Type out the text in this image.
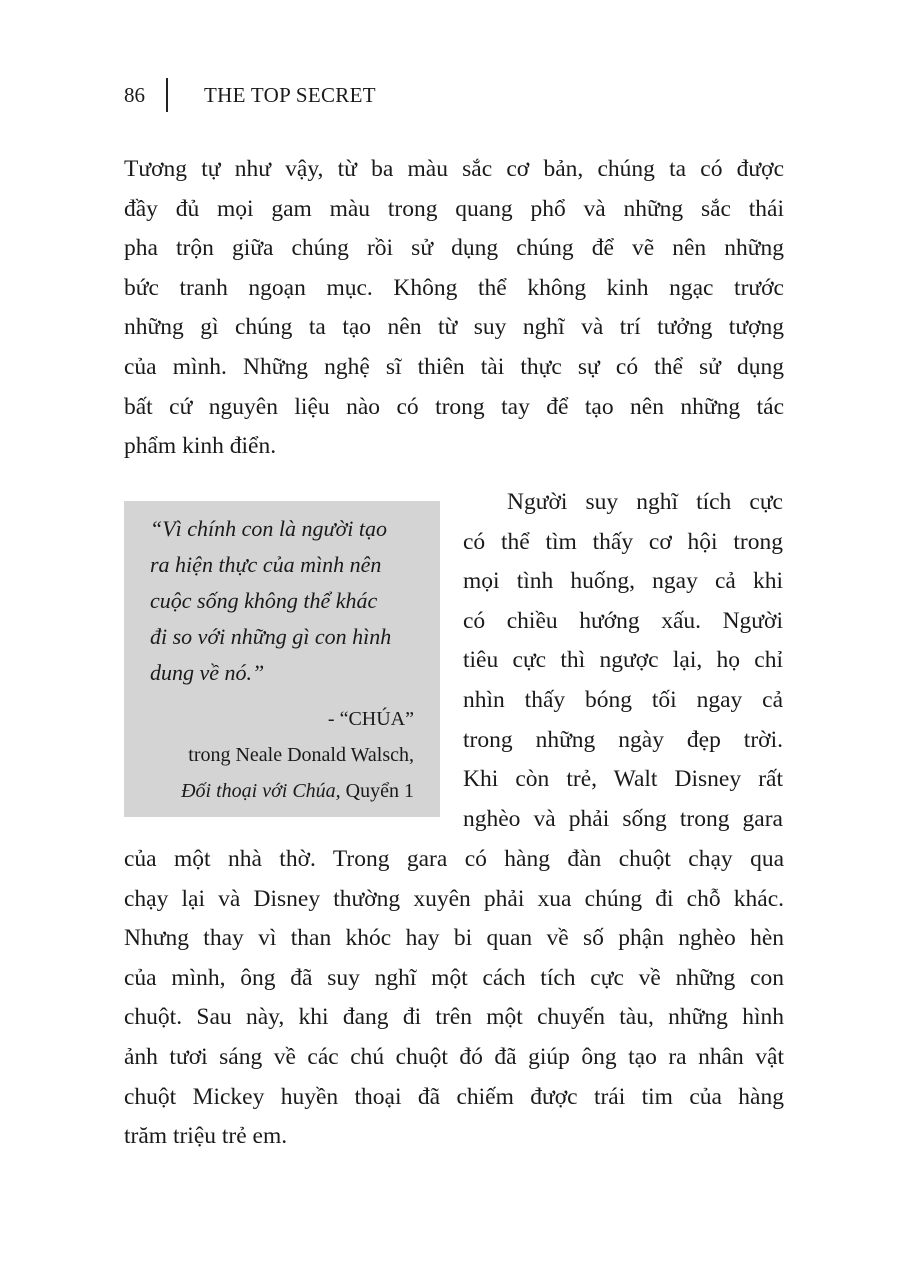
86	THE TOP SECRET

Tương tự như vậy, từ ba màu sắc cơ bản, chúng ta có được
đầy đủ mọi gam màu trong quang phổ và những sắc thái
pha trộn giữa chúng rồi sử dụng chúng để vẽ nên những
bức tranh ngoạn mục. Không thể không kinh ngạc trước
những gì chúng ta tạo nên từ suy nghĩ và trí tưởng tượng
của mình. Những nghệ sĩ thiên tài thực sự có thể sử dụng
bất cứ nguyên liệu nào có trong tay để tạo nên những tác
phẩm kinh điển.

“Vì chính con là người tạo
ra hiện thực của mình nên
cuộc sống không thể khác
đi so với những gì con hình
dung về nó.”

- “CHÚA”
trong Neale Donald Walsch,
Đối thoại với Chúa, Quyển 1
Người suy nghĩ tích cực
có thể tìm thấy cơ hội trong
mọi tình huống, ngay cả khi
có chiều hướng xấu. Người
tiêu cực thì ngược lại, họ chỉ
nhìn thấy bóng tối ngay cả
trong những ngày đẹp trời.
Khi còn trẻ, Walt Disney rất
nghèo và phải sống trong gara

của một nhà thờ. Trong gara có hàng đàn chuột chạy qua
chạy lại và Disney thường xuyên phải xua chúng đi chỗ khác.
Nhưng thay vì than khóc hay bi quan về số phận nghèo hèn
của mình, ông đã suy nghĩ một cách tích cực về những con
chuột. Sau này, khi đang đi trên một chuyến tàu, những hình
ảnh tươi sáng về các chú chuột đó đã giúp ông tạo ra nhân vật
chuột Mickey huyền thoại đã chiếm được trái tim của hàng
trăm triệu trẻ em.
